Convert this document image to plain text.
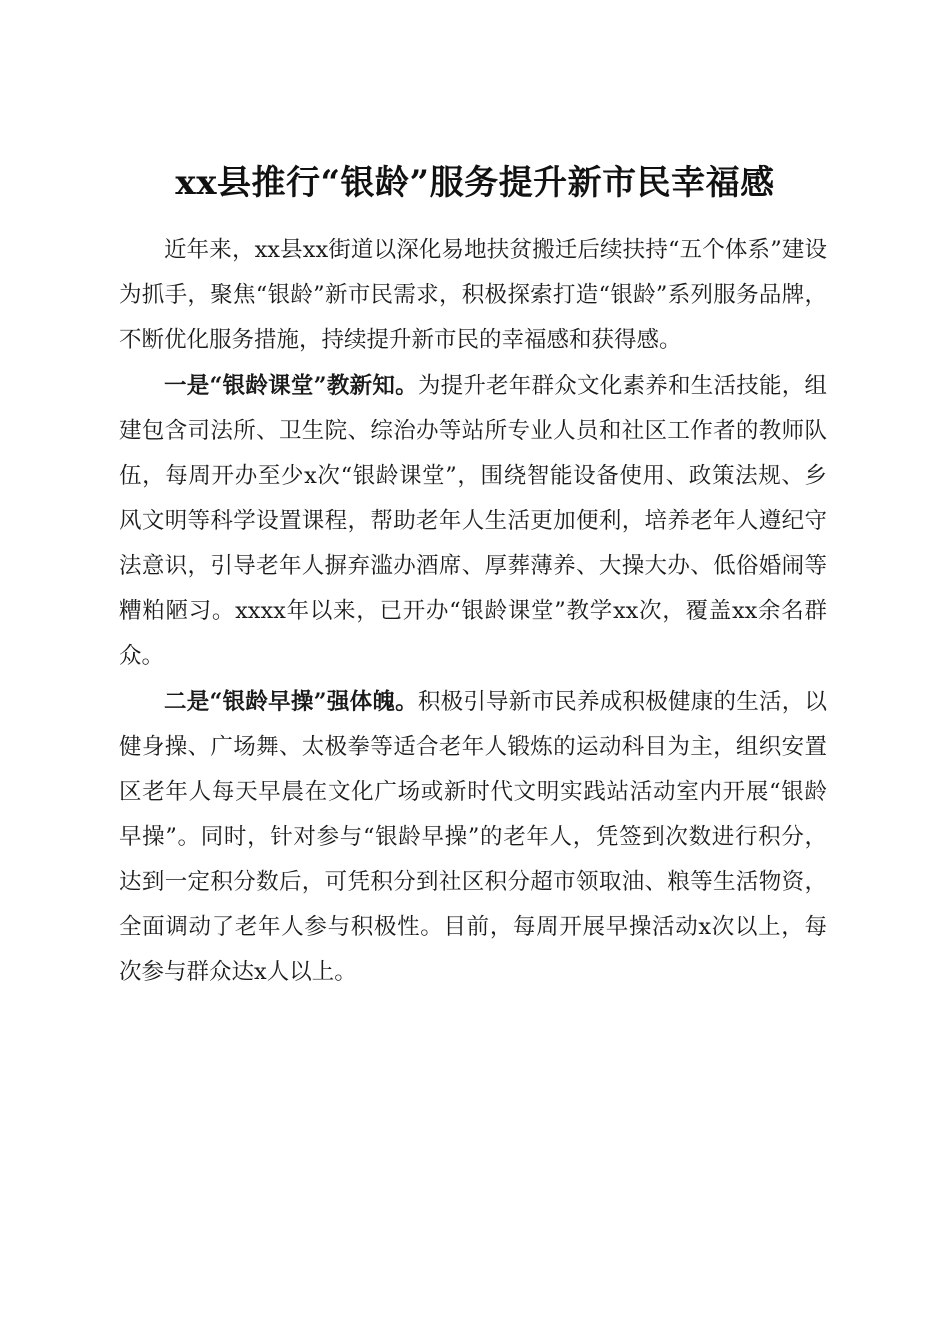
xx县推行“银龄”服务提升新市民幸福感

近年来，xx县xx街道以深化易地扶贫搬迁后续扶持“五个体系”建设为抓手，聚焦“银龄”新市民需求，积极探索打造“银龄”系列服务品牌，不断优化服务措施，持续提升新市民的幸福感和获得感。

一是“银龄课堂”教新知。为提升老年群众文化素养和生活技能，组建包含司法所、卫生院、综治办等站所专业人员和社区工作者的教师队伍，每周开办至少x次“银龄课堂”，围绕智能设备使用、政策法规、乡风文明等科学设置课程，帮助老年人生活更加便利，培养老年人遵纪守法意识，引导老年人摒弃滥办酒席、厚葬薄养、大操大办、低俗婚闹等糟粕陋习。xxxx年以来，已开办“银龄课堂”教学xx次，覆盖xx余名群众。

二是“银龄早操”强体魄。积极引导新市民养成积极健康的生活，以健身操、广场舞、太极拳等适合老年人锻炼的运动科目为主，组织安置区老年人每天早晨在文化广场或新时代文明实践站活动室内开展“银龄早操”。同时，针对参与“银龄早操”的老年人，凭签到次数进行积分，达到一定积分数后，可凭积分到社区积分超市领取油、粮等生活物资，全面调动了老年人参与积极性。目前，每周开展早操活动x次以上，每次参与群众达x人以上。
